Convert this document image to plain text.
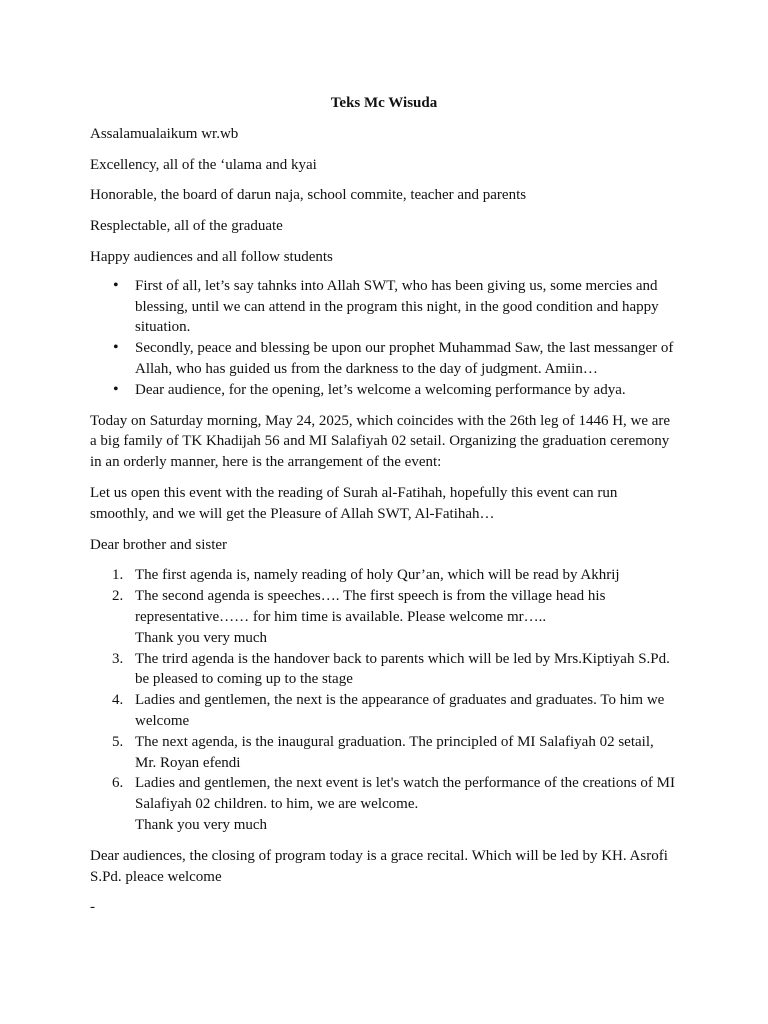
Teks Mc Wisuda

Assalamualaikum wr.wb

Excellency, all of the ‘ulama and kyai

Honorable, the board of darun naja, school commite, teacher and parents

Resplectable, all of the graduate

Happy audiences and all follow students

• First of all, let’s say tahnks into Allah SWT, who has been giving us, some mercies and blessing, until we can attend in the program this night, in the good condition and happy situation.
• Secondly, peace and blessing be upon our prophet Muhammad Saw, the last messanger of Allah, who has guided us from the darkness to the day of judgment. Amiin…
• Dear audience, for the opening, let’s welcome a welcoming performance by adya.

Today on Saturday morning, May 24, 2025, which coincides with the 26th leg of 1446 H, we are a big family of TK Khadijah 56 and MI Salafiyah 02 setail. Organizing the graduation ceremony in an orderly manner, here is the arrangement of the event:

Let us open this event with the reading of Surah al-Fatihah, hopefully this event can run smoothly, and we will get the Pleasure of Allah SWT, Al-Fatihah…

Dear brother and sister

1. The first agenda is, namely reading of holy Qur’an, which will be read by Akhrij
2. The second agenda is speeches…. The first speech is from the village head his representative…… for him time is available. Please welcome mr…..
Thank you very much
3. The trird agenda is the handover back to parents which will be led by Mrs.Kiptiyah S.Pd. be pleased to coming up to the stage
4. Ladies and gentlemen, the next is the appearance of graduates and graduates. To him we welcome
5. The next agenda, is the inaugural graduation. The principled of MI Salafiyah 02 setail, Mr. Royan efendi
6. Ladies and gentlemen, the next event is let's watch the performance of the creations of MI Salafiyah 02 children. to him, we are welcome.
Thank you very much

Dear audiences, the closing of program today is a grace recital. Which will be led by KH. Asrofi S.Pd. pleace welcome

-
